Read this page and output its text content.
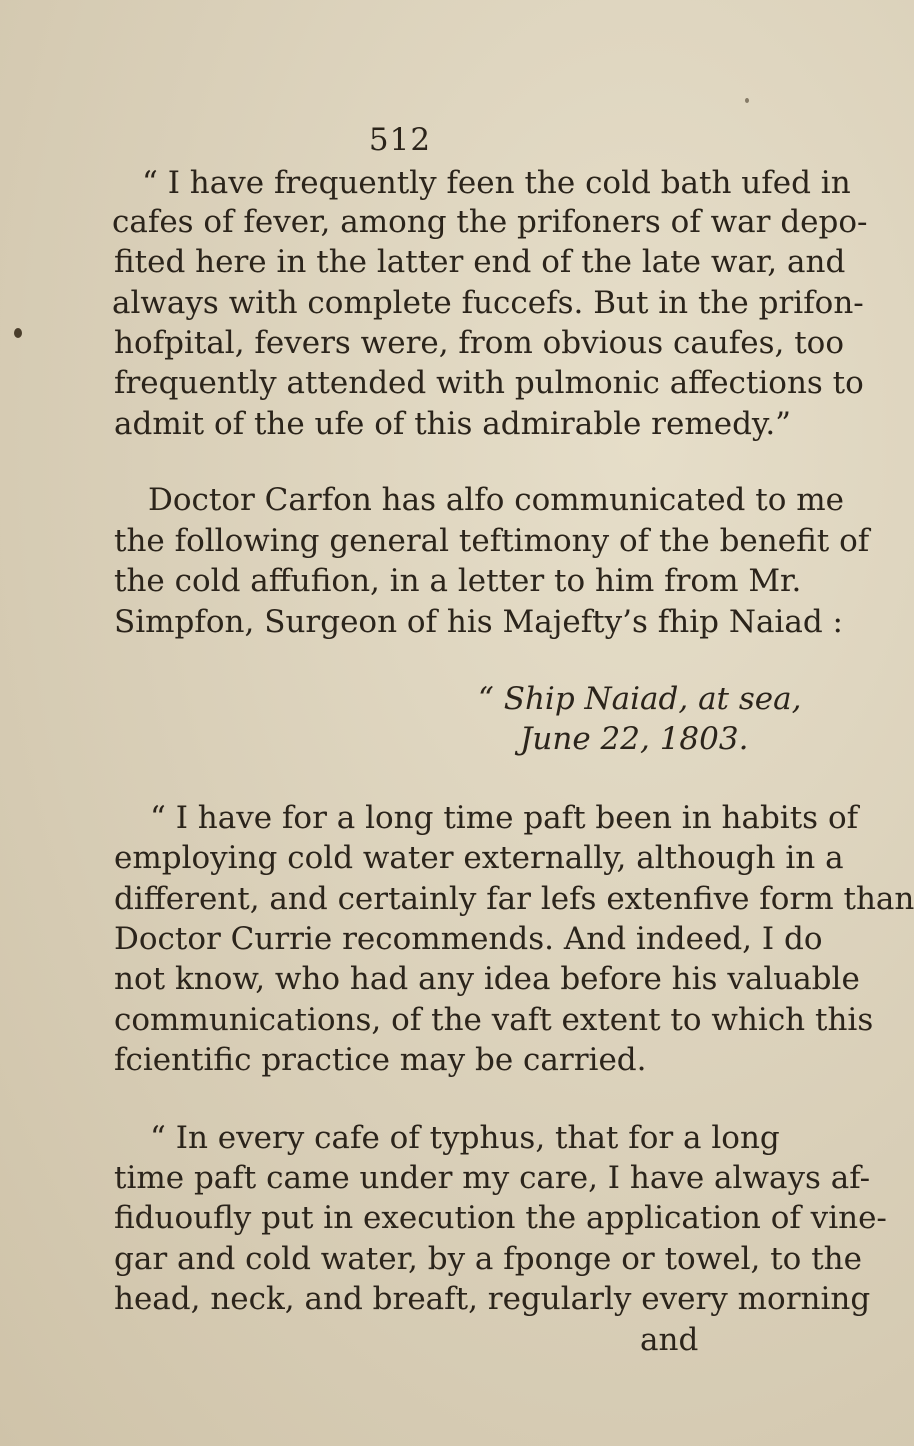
512
“ I have frequently feen the cold bath ufed in
cafes of fever, among the prifoners of war depo-
fited here in the latter end of the late war, and
always with complete fuccefs. But in the prifon-
hofpital, fevers were, from obvious caufes, too
frequently attended with pulmonic affections to
admit of the ufe of this admirable remedy.”
Doctor Carfon has alfo communicated to me
the following general teftimony of the benefit of
the cold affufion, in a letter to him from Mr.
Simpfon, Surgeon of his Majefty’s fhip Naiad :
“ Ship Naiad, at sea,
June 22, 1803.
“ I have for a long time paft been in habits of
employing cold water externally, although in a
different, and certainly far lefs extenfive form than
Doctor Currie recommends. And indeed, I do
not know, who had any idea before his valuable
communications, of the vaft extent to which this
fcientific practice may be carried.
“ In every cafe of typhus, that for a long
time paft came under my care, I have always af-
fiduoufly put in execution the application of vine-
gar and cold water, by a fponge or towel, to the
head, neck, and breaft, regularly every morning
and
